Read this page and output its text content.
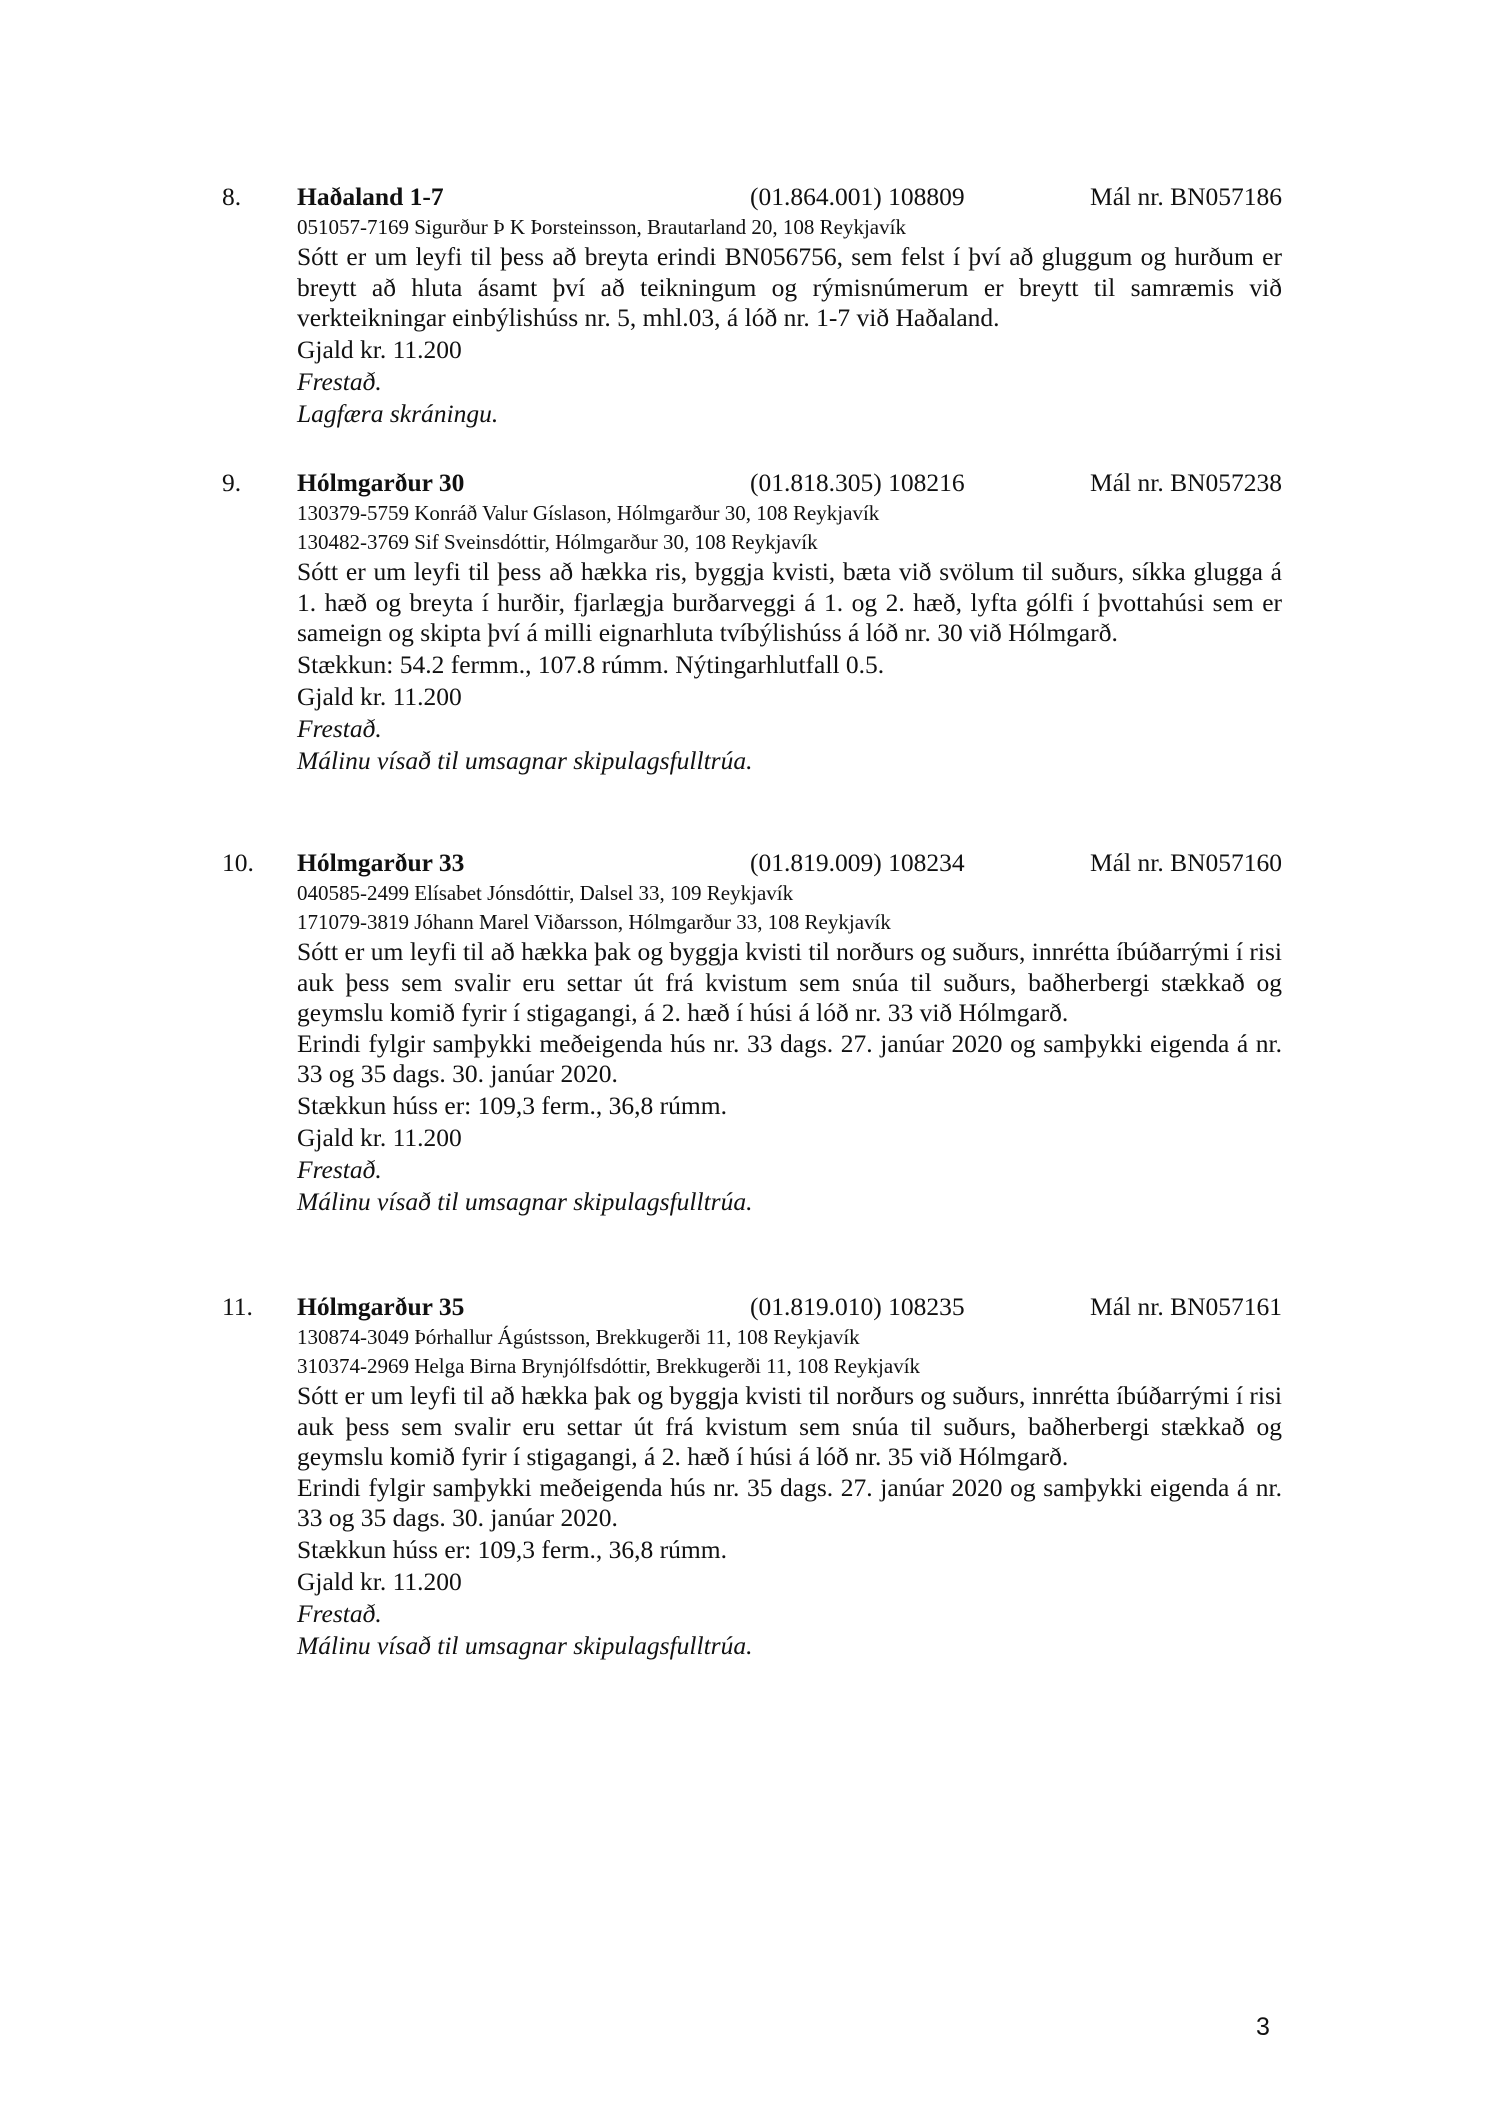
8. Haðaland 1-7	(01.864.001) 108809	Mál nr. BN057186
051057-7169 Sigurður Þ K Þorsteinsson, Brautarland 20, 108 Reykjavík

Sótt er um leyfi til þess að breyta erindi BN056756, sem felst í því að gluggum og hurðum er breytt að hluta ásamt því að teikningum og rýmisnúmerum er breytt til samræmis við verkteikningar einbýlishúss nr. 5, mhl.03, á lóð nr. 1-7 við Haðaland.

Gjald kr. 11.200
Frestað.
Lagfæra skráningu.
9. Hólmgarður 30	(01.818.305) 108216	Mál nr. BN057238
130379-5759 Konráð Valur Gíslason, Hólmgarður 30, 108 Reykjavík
130482-3769 Sif Sveinsdóttir, Hólmgarður 30, 108 Reykjavík

Sótt er um leyfi til þess að hækka ris, byggja kvisti, bæta við svölum til suðurs, síkka glugga á 1. hæð og breyta í hurðir, fjarlægja burðarveggi á 1. og 2. hæð, lyfta gólfi í þvottahúsi sem er sameign og skipta því á milli eignarhluta tvíbýlishúss á lóð nr. 30 við Hólmgarð.

Stækkun: 54.2 fermm., 107.8 rúmm. Nýtingarhlutfall 0.5.
Gjald kr. 11.200
Frestað.
Málinu vísað til umsagnar skipulagsfulltrúa.
10. Hólmgarður 33	(01.819.009) 108234	Mál nr. BN057160
040585-2499 Elísabet Jónsdóttir, Dalsel 33, 109 Reykjavík
171079-3819 Jóhann Marel Viðarsson, Hólmgarður 33, 108 Reykjavík

Sótt er um leyfi til að hækka þak og byggja kvisti til norðurs og suðurs, innrétta íbúðarrými í risi auk þess sem svalir eru settar út frá kvistum sem snúa til suðurs, baðherbergi stækkað og geymslu komið fyrir í stigagangi, á 2. hæð í húsi á lóð nr. 33 við Hólmgarð.

Erindi fylgir samþykki meðeigenda hús nr. 33 dags. 27. janúar 2020 og samþykki eigenda á nr. 33 og 35 dags. 30. janúar 2020.

Stækkun húss er: 109,3 ferm., 36,8 rúmm.
Gjald kr. 11.200
Frestað.
Málinu vísað til umsagnar skipulagsfulltrúa.
11. Hólmgarður 35	(01.819.010) 108235	Mál nr. BN057161
130874-3049 Þórhallur Ágústsson, Brekkugerði 11, 108 Reykjavík
310374-2969 Helga Birna Brynjólfsdóttir, Brekkugerði 11, 108 Reykjavík

Sótt er um leyfi til að hækka þak og byggja kvisti til norðurs og suðurs, innrétta íbúðarrými í risi auk þess sem svalir eru settar út frá kvistum sem snúa til suðurs, baðherbergi stækkað og geymslu komið fyrir í stigagangi, á 2. hæð í húsi á lóð nr. 35 við Hólmgarð.

Erindi fylgir samþykki meðeigenda hús nr. 35 dags. 27. janúar 2020 og samþykki eigenda á nr. 33 og 35 dags. 30. janúar 2020.

Stækkun húss er: 109,3 ferm., 36,8 rúmm.
Gjald kr. 11.200
Frestað.
Málinu vísað til umsagnar skipulagsfulltrúa.
3
